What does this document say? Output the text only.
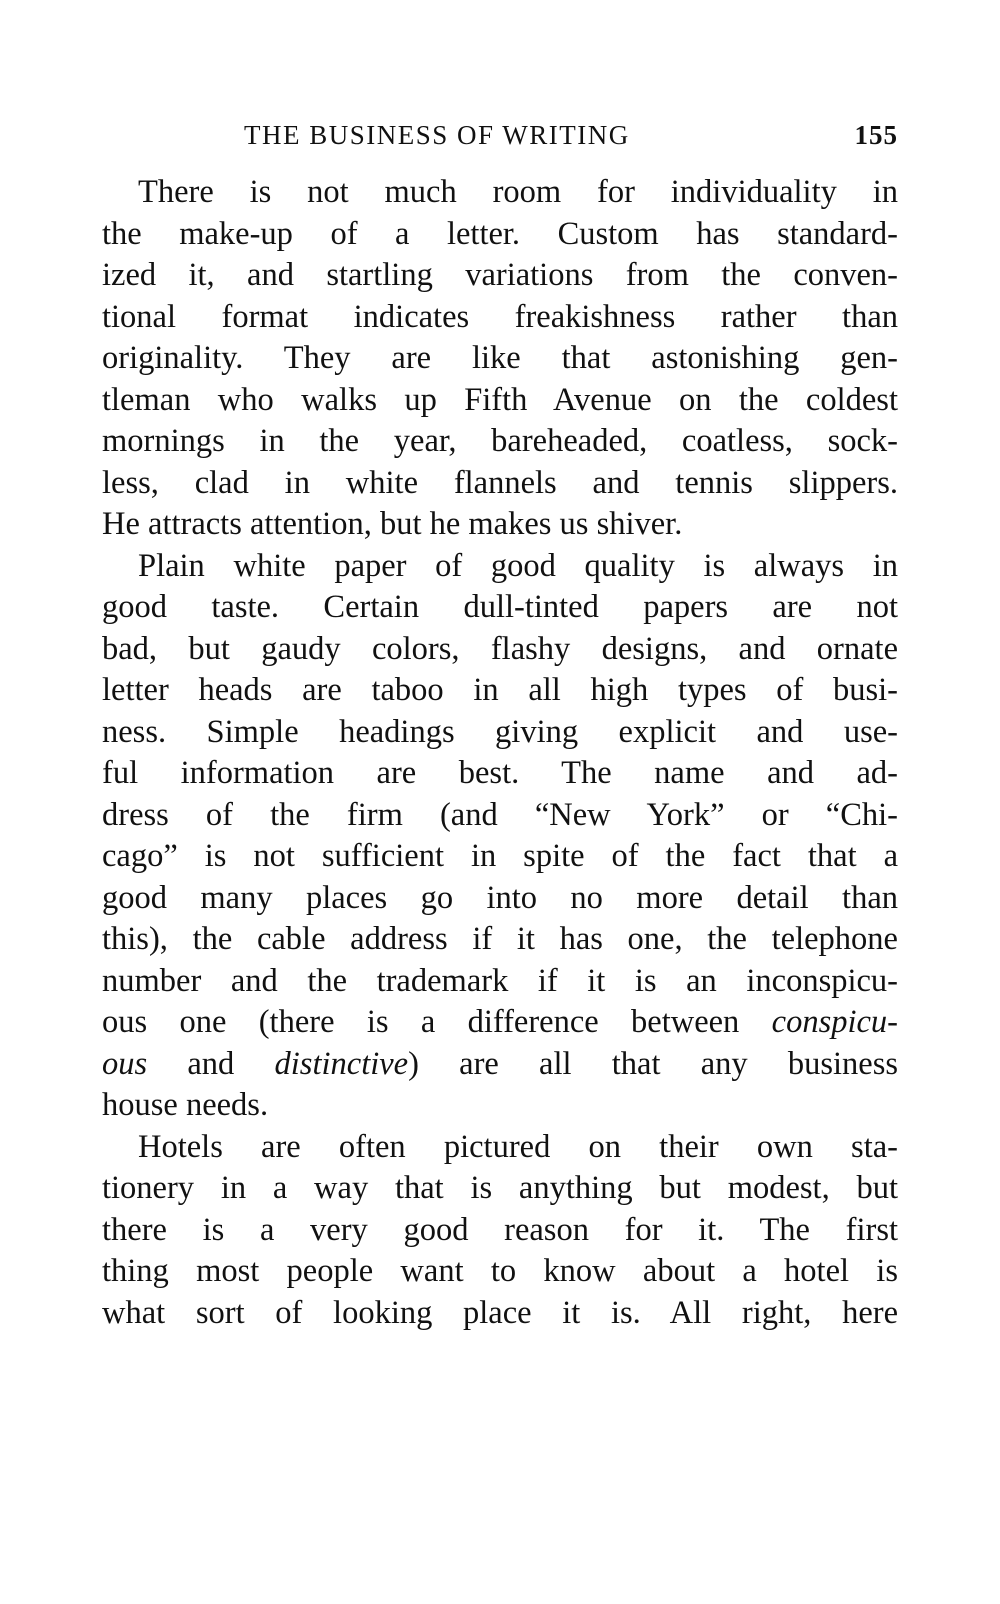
THE BUSINESS OF WRITING	155
There is not much room for individuality in
the make-up of a letter. Custom has standard-
ized it, and startling variations from the conven-
tional format indicates freakishness rather than
originality. They are like that astonishing gen-
tleman who walks up Fifth Avenue on the coldest
mornings in the year, bareheaded, coatless, sock-
less, clad in white flannels and tennis slippers.
He attracts attention, but he makes us shiver.
Plain white paper of good quality is always in
good taste. Certain dull-tinted papers are not
bad, but gaudy colors, flashy designs, and ornate
letter heads are taboo in all high types of busi-
ness. Simple headings giving explicit and use-
ful information are best. The name and ad-
dress of the firm (and “New York” or “Chi-
cago” is not sufficient in spite of the fact that a
good many places go into no more detail than
this), the cable address if it has one, the telephone
number and the trademark if it is an inconspicu-
ous one (there is a difference between conspicu-
ous and distinctive) are all that any business
house needs.
Hotels are often pictured on their own sta-
tionery in a way that is anything but modest, but
there is a very good reason for it. The first
thing most people want to know about a hotel is
what sort of looking place it is. All right, here
